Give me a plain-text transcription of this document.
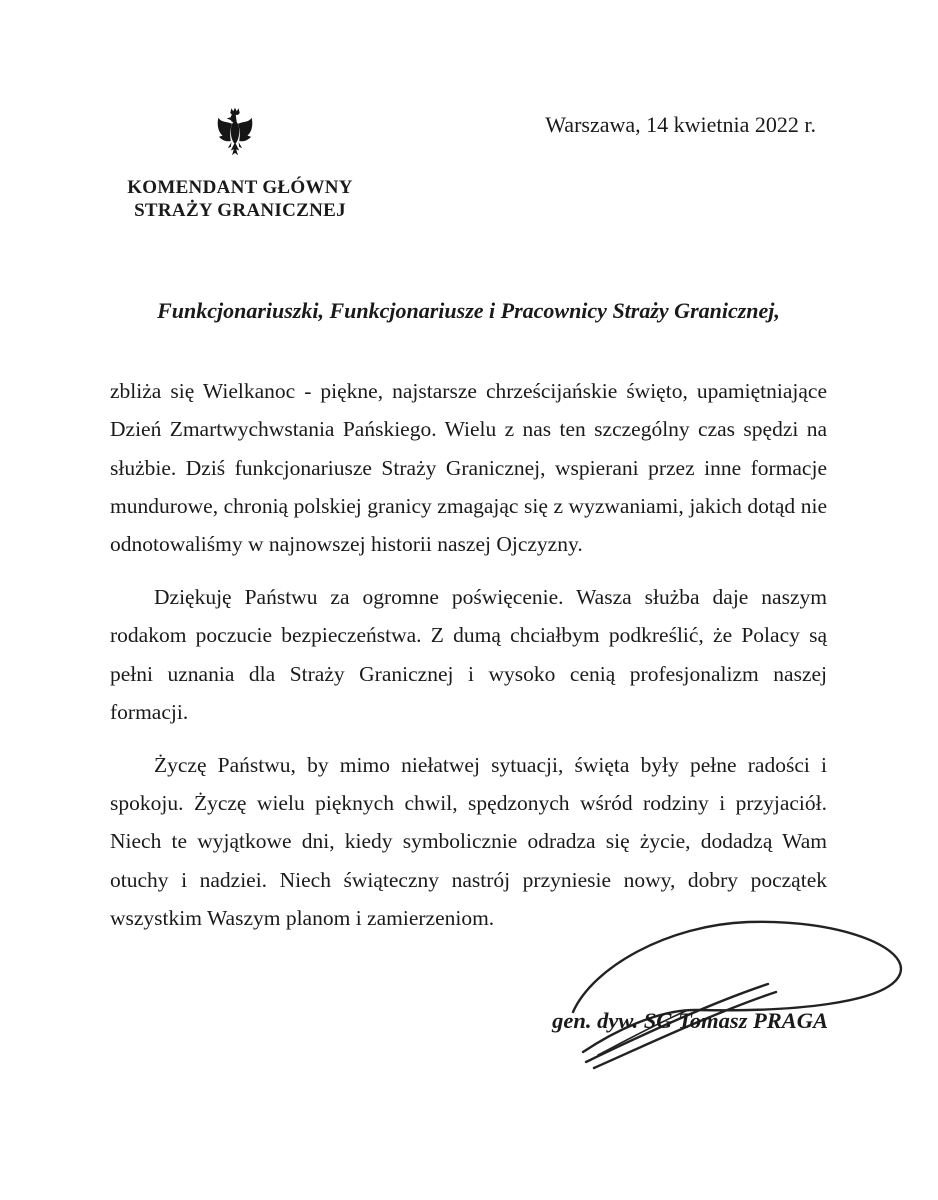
Warszawa, 14 kwietnia 2022 r.
KOMENDANT GŁÓWNY
STRAŻY GRANICZNEJ

Funkcjonariuszki, Funkcjonariusze i Pracownicy Straży Granicznej,

zbliża się Wielkanoc - piękne, najstarsze chrześcijańskie święto, upamiętniające Dzień Zmartwychwstania Pańskiego. Wielu z nas ten szczególny czas spędzi na służbie. Dziś funkcjonariusze Straży Granicznej, wspierani przez inne formacje mundurowe, chronią polskiej granicy zmagając się z wyzwaniami, jakich dotąd nie odnotowaliśmy w najnowszej historii naszej Ojczyzny.

Dziękuję Państwu za ogromne poświęcenie. Wasza służba daje naszym rodakom poczucie bezpieczeństwa. Z dumą chciałbym podkreślić, że Polacy są pełni uznania dla Straży Granicznej i wysoko cenią profesjonalizm naszej formacji.

Życzę Państwu, by mimo niełatwej sytuacji, święta były pełne radości i spokoju. Życzę wielu pięknych chwil, spędzonych wśród rodziny i przyjaciół. Niech te wyjątkowe dni, kiedy symbolicznie odradza się życie, dodadzą Wam otuchy i nadziei. Niech świąteczny nastrój przyniesie nowy, dobry początek wszystkim Waszym planom i zamierzeniom.

gen. dyw. SG Tomasz PRAGA
